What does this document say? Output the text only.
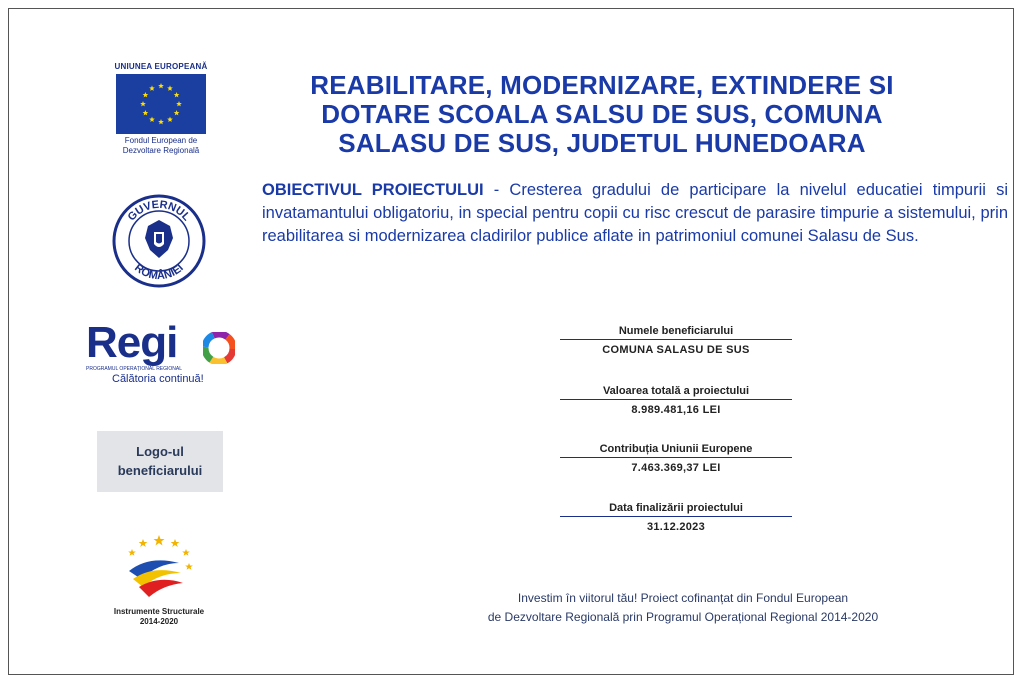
UNIUNEA EUROPEANĂ
Fondul European de
Dezvoltare Regională
GUVERNUL
ROMÂNIEI
Regi
PROGRAMUL OPERAȚIONAL REGIONAL
Călătoria continuă!
Logo-ul
beneficiarului
Instrumente Structurale
2014-2020
REABILITARE, MODERNIZARE, EXTINDERE SI
DOTARE SCOALA SALSU DE SUS, COMUNA
SALASU DE SUS, JUDETUL HUNEDOARA
OBIECTIVUL PROIECTULUI - Cresterea gradului de participare la nivelul educatiei timpurii si invatamantului obligatoriu, in special pentru copii cu risc crescut de parasire timpurie a sistemului, prin reabilitarea si modernizarea cladirilor publice aflate in patrimoniul comunei Salasu de Sus.
Numele beneficiarului
COMUNA SALASU DE SUS
Valoarea totală a proiectului
8.989.481,16 LEI
Contribuția Uniunii Europene
7.463.369,37 LEI
Data finalizării proiectului
31.12.2023
Investim în viitorul tău! Proiect cofinanțat din Fondul European
de Dezvoltare Regională prin Programul Operațional Regional 2014-2020
